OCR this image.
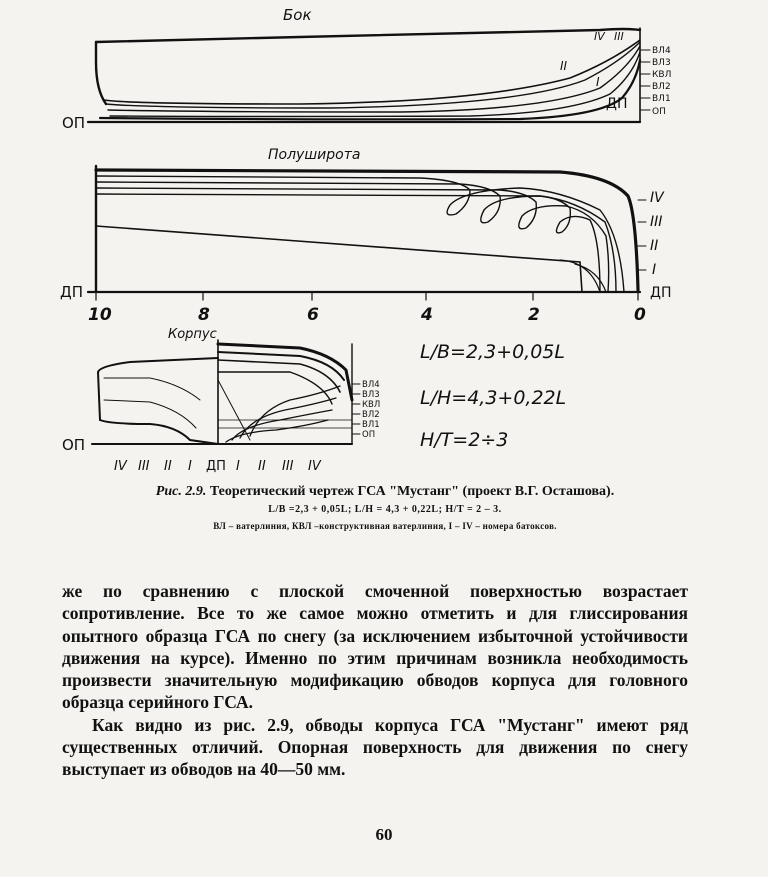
Бок
ОП
IV III
II
I
ДП
ВЛ4
ВЛ3
КВЛ
ВЛ2
ВЛ1
ОП
Полуширота
ДП
IV
III
II
I
ДП
10	8	6	4	2	0
Корпус
ОП
IV III II I ДП I II III IV
ВЛ4
ВЛ3
КВЛ
ВЛ2
ВЛ1
ОП
L/B=2,3+0,05L
L/H=4,3+0,22L
H/T=2÷3
Рис. 2.9. Теоретический чертеж ГСА "Мустанг" (проект В.Г. Осташова).
L/B =2,3 + 0,05L; L/H = 4,3 + 0,22L; H/T = 2 – 3.
ВЛ – ватерлиния, КВЛ –конструктивная ватерлиния, I – IV – номера батоксов.

же по сравнению с плоской смоченной поверхностью возрастает сопротивление. Все то же самое можно отметить и для глиссирования опытного образца ГСА по снегу (за исключением избыточной устойчивости движения на курсе). Именно по этим причинам возникла необходимость произвести значительную модификацию обводов корпуса для головного образца серийного ГСА.

Как видно из рис. 2.9, обводы корпуса ГСА "Мустанг" имеют ряд существенных отличий. Опорная поверхность для движения по снегу выступает из обводов на 40—50 мм.

60
